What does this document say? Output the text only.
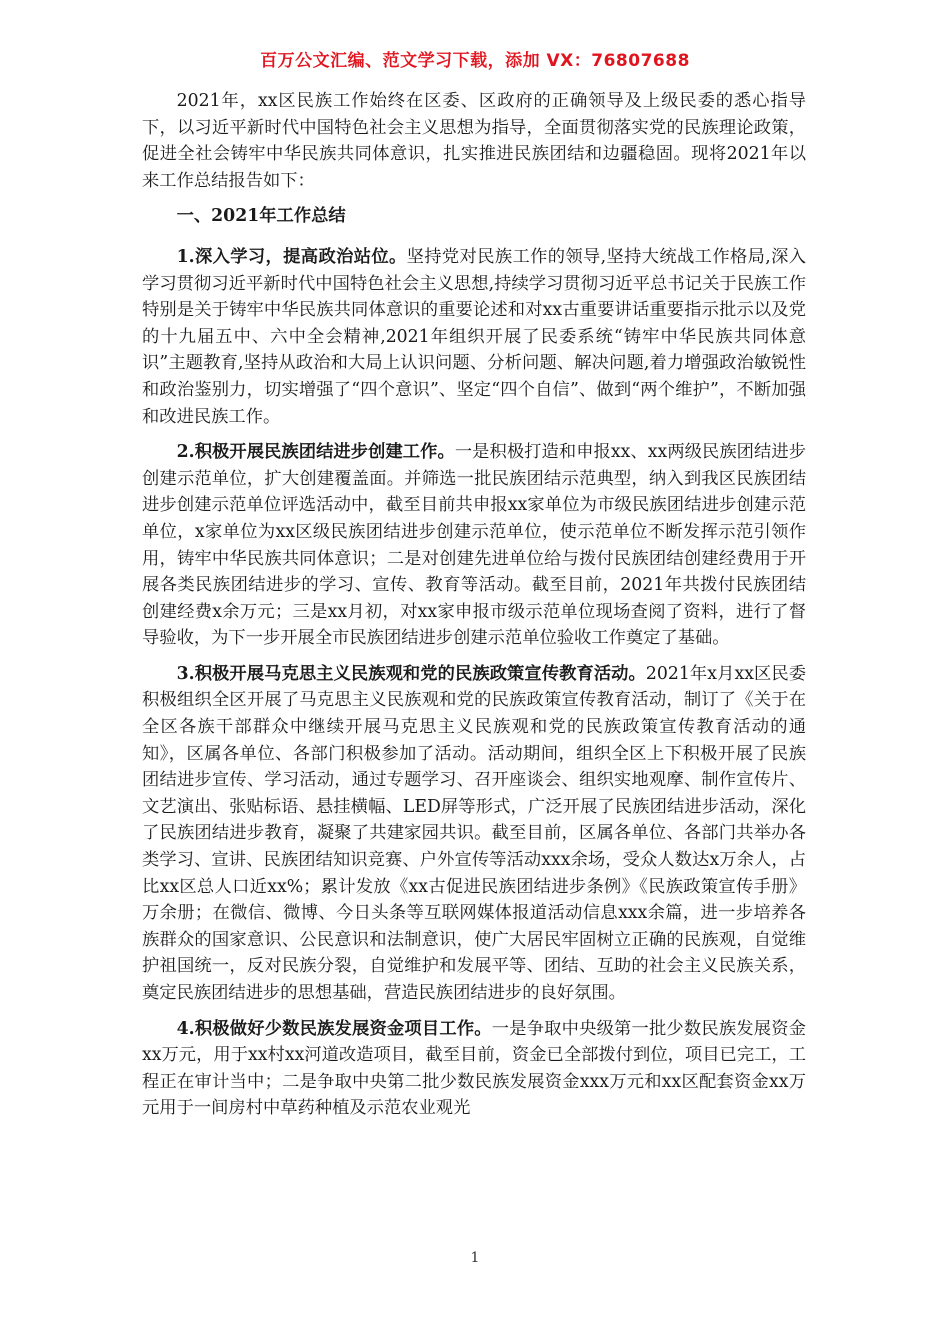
百万公文汇编、范文学习下载，添加 VX：76807688

2021年，xx区民族工作始终在区委、区政府的正确领导及上级民委的悉心指导下，以习近平新时代中国特色社会主义思想为指导，全面贯彻落实党的民族理论政策，促进全社会铸牢中华民族共同体意识，扎实推进民族团结和边疆稳固。现将2021年以来工作总结报告如下：

一、2021年工作总结

1.深入学习，提高政治站位。坚持党对民族工作的领导,坚持大统战工作格局,深入学习贯彻习近平新时代中国特色社会主义思想,持续学习贯彻习近平总书记关于民族工作特别是关于铸牢中华民族共同体意识的重要论述和对xx古重要讲话重要指示批示以及党的十九届五中、六中全会精神,2021年组织开展了民委系统“铸牢中华民族共同体意识”主题教育,坚持从政治和大局上认识问题、分析问题、解决问题,着力增强政治敏锐性和政治鉴别力，切实增强了“四个意识”、坚定“四个自信”、做到“两个维护”，不断加强和改进民族工作。

2.积极开展民族团结进步创建工作。一是积极打造和申报xx、xx两级民族团结进步创建示范单位，扩大创建覆盖面。并筛选一批民族团结示范典型，纳入到我区民族团结进步创建示范单位评选活动中，截至目前共申报xx家单位为市级民族团结进步创建示范单位，x家单位为xx区级民族团结进步创建示范单位，使示范单位不断发挥示范引领作用，铸牢中华民族共同体意识；二是对创建先进单位给与拨付民族团结创建经费用于开展各类民族团结进步的学习、宣传、教育等活动。截至目前，2021年共拨付民族团结创建经费x余万元；三是xx月初，对xx家申报市级示范单位现场查阅了资料，进行了督导验收，为下一步开展全市民族团结进步创建示范单位验收工作奠定了基础。

3.积极开展马克思主义民族观和党的民族政策宣传教育活动。2021年x月xx区民委积极组织全区开展了马克思主义民族观和党的民族政策宣传教育活动，制订了《关于在全区各族干部群众中继续开展马克思主义民族观和党的民族政策宣传教育活动的通知》，区属各单位、各部门积极参加了活动。活动期间，组织全区上下积极开展了民族团结进步宣传、学习活动，通过专题学习、召开座谈会、组织实地观摩、制作宣传片、文艺演出、张贴标语、悬挂横幅、LED屏等形式，广泛开展了民族团结进步活动，深化了民族团结进步教育，凝聚了共建家园共识。截至目前，区属各单位、各部门共举办各类学习、宣讲、民族团结知识竞赛、户外宣传等活动xxx余场，受众人数达x万余人，占比xx区总人口近xx%；累计发放《xx古促进民族团结进步条例》《民族政策宣传手册》万余册；在微信、微博、今日头条等互联网媒体报道活动信息xxx余篇，进一步培养各族群众的国家意识、公民意识和法制意识，使广大居民牢固树立正确的民族观，自觉维护祖国统一，反对民族分裂，自觉维护和发展平等、团结、互助的社会主义民族关系，奠定民族团结进步的思想基础，营造民族团结进步的良好氛围。

4.积极做好少数民族发展资金项目工作。一是争取中央级第一批少数民族发展资金xx万元，用于xx村xx河道改造项目，截至目前，资金已全部拨付到位，项目已完工，工程正在审计当中；二是争取中央第二批少数民族发展资金xxx万元和xx区配套资金xx万元用于一间房村中草药种植及示范农业观光

1
